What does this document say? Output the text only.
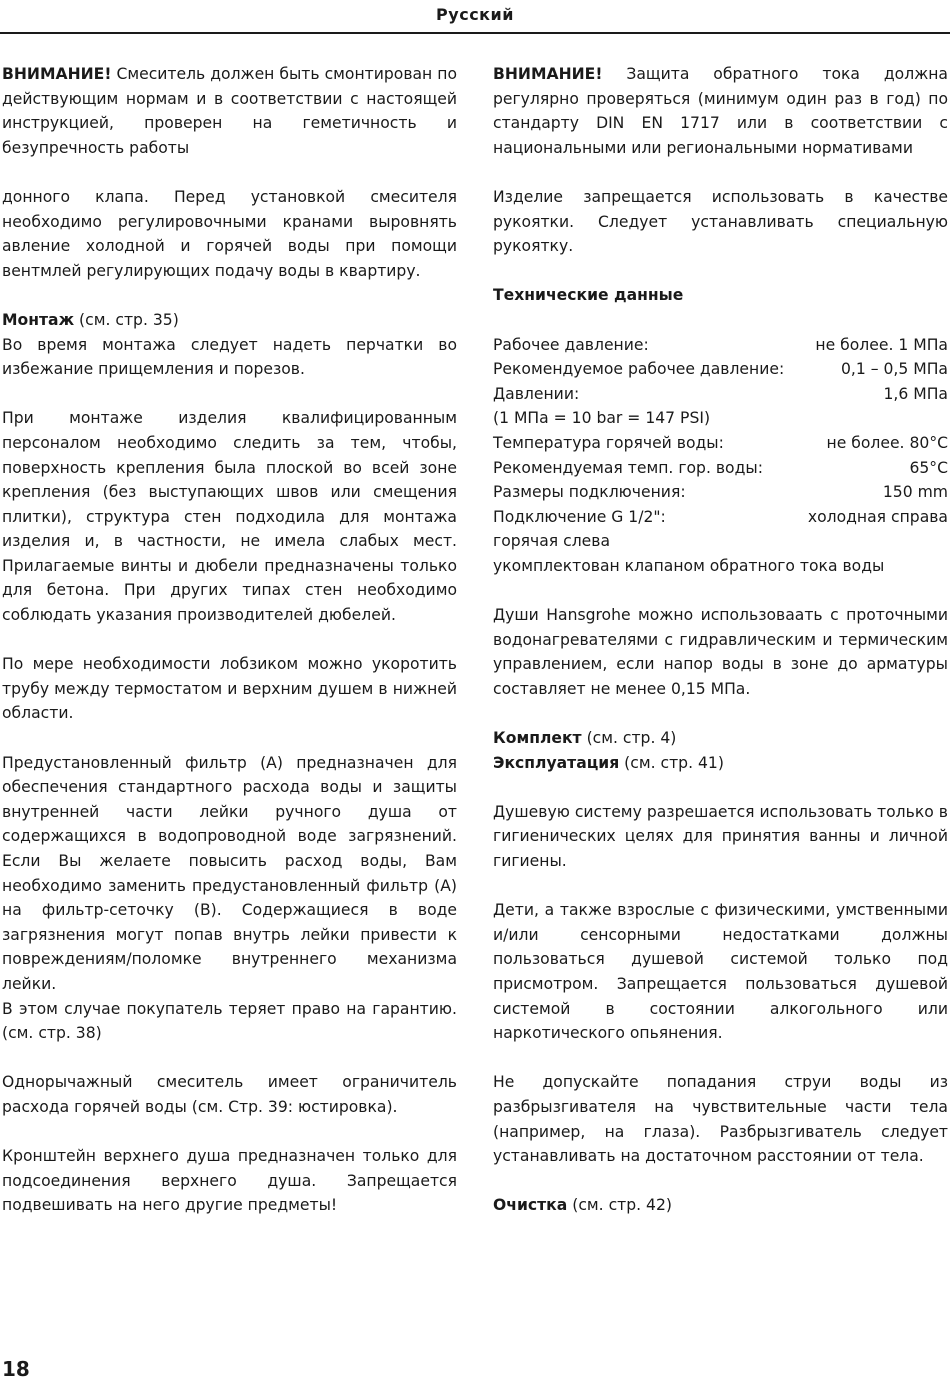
Русский

ВНИМАНИЕ! Смеситель должен быть смонтирован по действующим нормам и в соответствии с настоящей инструкцией, проверен на геметичность и безупречность работы

донного клапа. Перед установкой смесителя необходимо регулировочными кранами выровнять авление холодной и горячей воды при помощи вентмлей регулирующих подачу воды в квартиру.

Монтаж (см. стр. 35)

Во время монтажа следует надеть перчатки во избежание прищемления и порезов.

При монтаже изделия квалифицированным персоналом необходимо следить за тем, чтобы, поверхность крепления была плоской во всей зоне крепления (без выступающих швов или смещения плитки), структура стен подходила для монтажа изделия и, в частности, не имела слабых мест. Прилагаемые винты и дюбели предназначены только для бетона. При других типах стен необходимо соблюдать указания производителей дюбелей.

По мере необходимости лобзиком можно укоротить трубу между термостатом и верхним душем в нижней области.

Предустановленный фильтр (A) предназначен для обеспечения стандартного расхода воды и защиты внутренней части лейки ручного душа от содержащихся в водопроводной воде загрязнений. Если Вы желаете повысить расход воды, Вам необходимо заменить предустановленный фильтр (A) на фильтр-сеточку (B). Содержащиеся в воде загрязнения могут попав внутрь лейки привести к повреждениям/поломке внутреннего механизма лейки.

В этом случае покупатель теряет право на гарантию. (см. стр. 38)

Однорычажный смеситель имеет ограничитель расхода горячей воды (см. Стр. 39: юстировка).

Кронштейн верхнего душа предназначен только для подсоединения верхнего душа. Запрещается подвешивать на него другие предметы!

ВНИМАНИЕ! Защита обратного тока должна регулярно проверяться (минимум один раз в год) по стандарту DIN EN 1717 или в соответствии с национальными или региональными нормативами

Изделие запрещается использовать в качестве рукоятки. Следует устанавливать специальную рукоятку.

Технические данные
Рабочее давление:	не более. 1 МПа
Рекомендуемое рабочее давление:	0,1 – 0,5 МПа
Давлении:	1,6 МПа
(1 МПа = 10 bar = 147 PSI)
Температура горячей воды:	не более. 80°C
Рекомендуемая темп. гор. воды:	65°C
Размеры подключения:	150 mm
Подключение G 1/2":	холодная справа
горячая слева
укомплектован клапаном обратного тока воды

Души Hansgrohe можно использоваать с проточными водонагревателями с гидравлическим и термическим управлением, если напор воды в зоне до арматуры составляет не менее 0,15 МПа.

Комплект (см. стр. 4)
Эксплуатация (см. стр. 41)

Душевую систему разрешается использовать только в гигиенических целях для принятия ванны и личной гигиены.

Дети, а также взрослые с физическими, умственными и/или сенсорными недостатками должны пользоваться душевой системой только под присмотром. Запрещается пользоваться душевой системой в состоянии алкогольного или наркотического опьянения.

Не допускайте попадания струи воды из разбрызгивателя на чувствительные части тела (например, на глаза). Разбрызгиватель следует устанавливать на достаточном расстоянии от тела.

Очистка (см. стр. 42)
18
